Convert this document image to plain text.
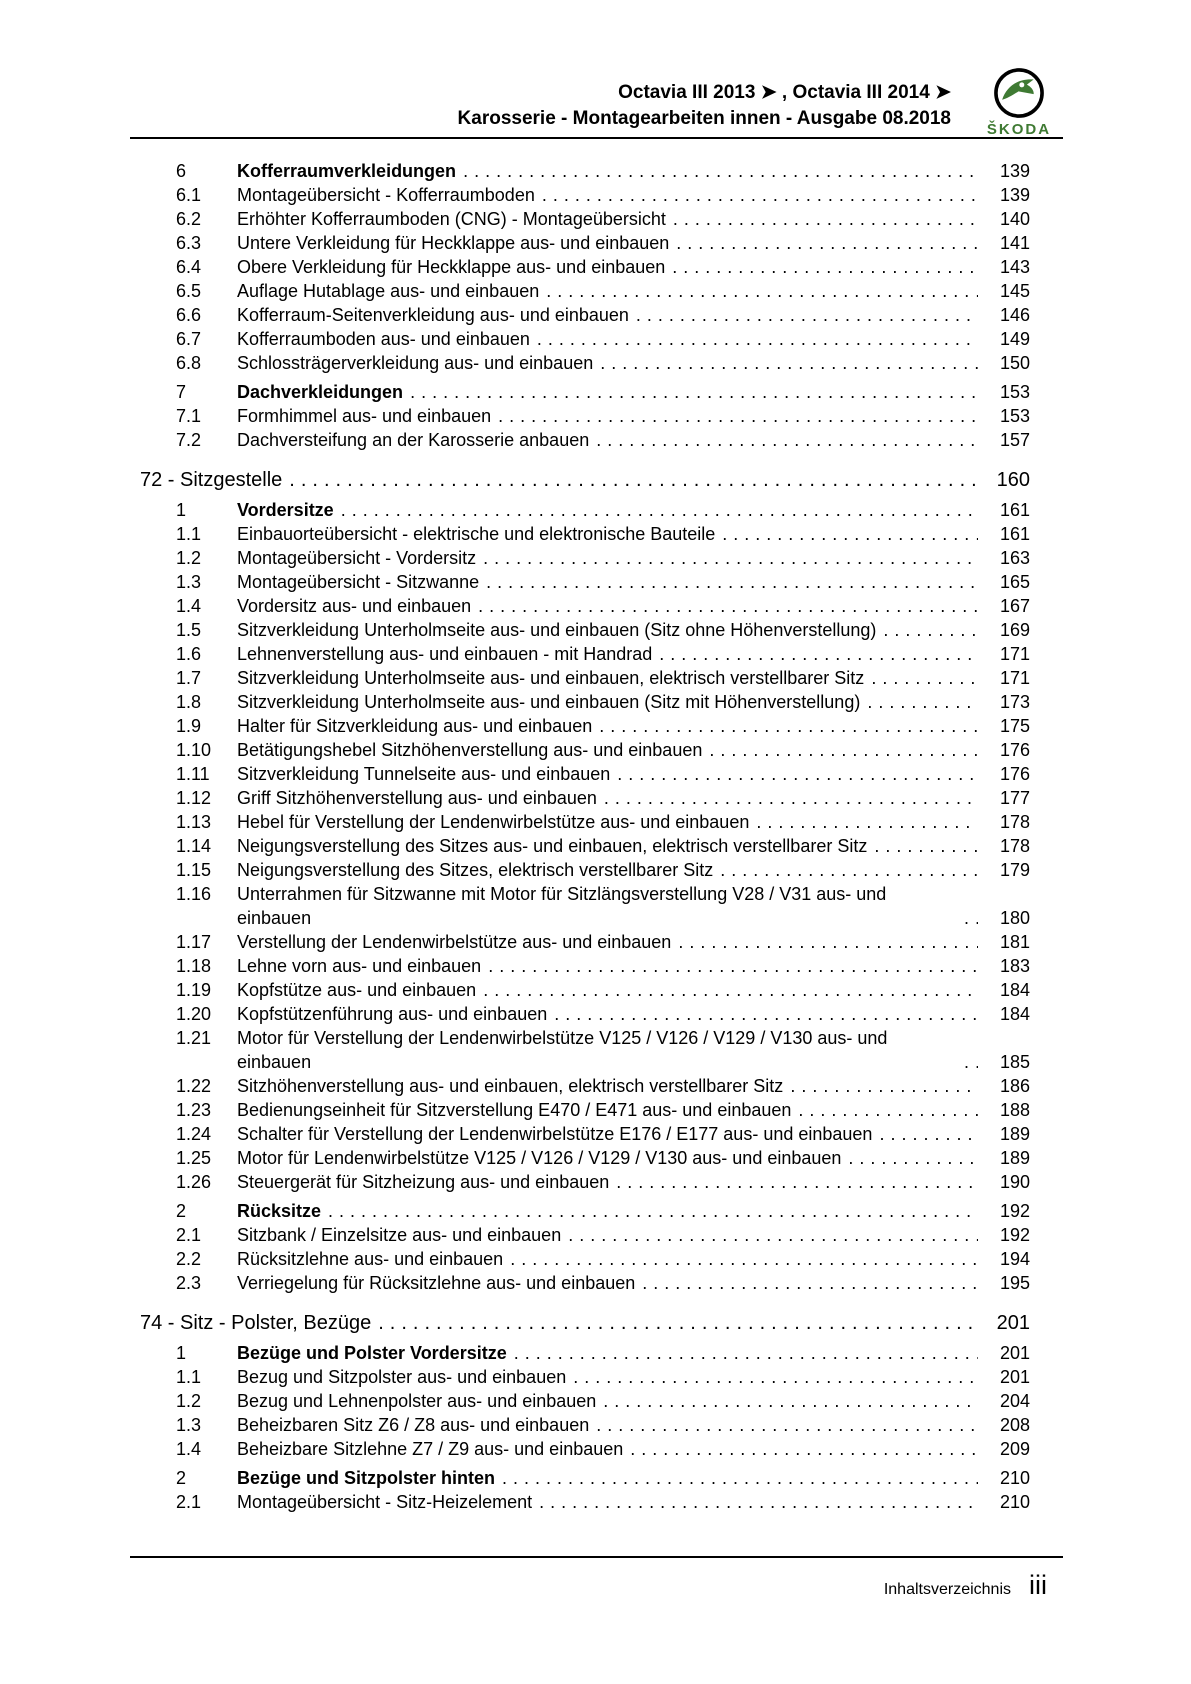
Octavia III 2013 ➤ , Octavia III 2014 ➤
Karosserie - Montagearbeiten innen - Ausgabe 08.2018
ŠKODA
6	Kofferraumverkleidungen .....	139
6.1	Montageübersicht - Kofferraumboden .....	139
6.2	Erhöhter Kofferraumboden (CNG) - Montageübersicht .....	140
6.3	Untere Verkleidung für Heckklappe aus- und einbauen .....	141
6.4	Obere Verkleidung für Heckklappe aus- und einbauen .....	143
6.5	Auflage Hutablage aus- und einbauen .....	145
6.6	Kofferraum-Seitenverkleidung aus- und einbauen .....	146
6.7	Kofferraumboden aus- und einbauen .....	149
6.8	Schlossträgerverkleidung aus- und einbauen .....	150
7	Dachverkleidungen .....	153
7.1	Formhimmel aus- und einbauen .....	153
7.2	Dachversteifung an der Karosserie anbauen .....	157
72 - Sitzgestelle .....	160
1	Vordersitze .....	161
1.1	Einbauorteübersicht - elektrische und elektronische Bauteile .....	161
1.2	Montageübersicht - Vordersitz .....	163
1.3	Montageübersicht - Sitzwanne .....	165
1.4	Vordersitz aus- und einbauen .....	167
1.5	Sitzverkleidung Unterholmseite aus- und einbauen (Sitz ohne Höhenverstellung) .....	169
1.6	Lehnenverstellung aus- und einbauen - mit Handrad .....	171
1.7	Sitzverkleidung Unterholmseite aus- und einbauen, elektrisch verstellbarer Sitz .....	171
1.8	Sitzverkleidung Unterholmseite aus- und einbauen (Sitz mit Höhenverstellung) .....	173
1.9	Halter für Sitzverkleidung aus- und einbauen .....	175
1.10	Betätigungshebel Sitzhöhenverstellung aus- und einbauen .....	176
1.11	Sitzverkleidung Tunnelseite aus- und einbauen .....	176
1.12	Griff Sitzhöhenverstellung aus- und einbauen .....	177
1.13	Hebel für Verstellung der Lendenwirbelstütze aus- und einbauen .....	178
1.14	Neigungsverstellung des Sitzes aus- und einbauen, elektrisch verstellbarer Sitz .....	178
1.15	Neigungsverstellung des Sitzes, elektrisch verstellbarer Sitz .....	179
1.16	Unterrahmen für Sitzwanne mit Motor für Sitzlängsverstellung V28 / V31 aus- und einbauen .....	180
1.17	Verstellung der Lendenwirbelstütze aus- und einbauen .....	181
1.18	Lehne vorn aus- und einbauen .....	183
1.19	Kopfstütze aus- und einbauen .....	184
1.20	Kopfstützenführung aus- und einbauen .....	184
1.21	Motor für Verstellung der Lendenwirbelstütze V125 / V126 / V129 / V130 aus- und einbauen .....	185
1.22	Sitzhöhenverstellung aus- und einbauen, elektrisch verstellbarer Sitz .....	186
1.23	Bedienungseinheit für Sitzverstellung E470 / E471 aus- und einbauen .....	188
1.24	Schalter für Verstellung der Lendenwirbelstütze E176 / E177 aus- und einbauen .....	189
1.25	Motor für Lendenwirbelstütze V125 / V126 / V129 / V130 aus- und einbauen .....	189
1.26	Steuergerät für Sitzheizung aus- und einbauen .....	190
2	Rücksitze .....	192
2.1	Sitzbank / Einzelsitze aus- und einbauen .....	192
2.2	Rücksitzlehne aus- und einbauen .....	194
2.3	Verriegelung für Rücksitzlehne aus- und einbauen .....	195
74 - Sitz - Polster, Bezüge .....	201
1	Bezüge und Polster Vordersitze .....	201
1.1	Bezug und Sitzpolster aus- und einbauen .....	201
1.2	Bezug und Lehnenpolster aus- und einbauen .....	204
1.3	Beheizbaren Sitz Z6 / Z8 aus- und einbauen .....	208
1.4	Beheizbare Sitzlehne Z7 / Z9 aus- und einbauen .....	209
2	Bezüge und Sitzpolster hinten .....	210
2.1	Montageübersicht - Sitz-Heizelement .....	210
Inhaltsverzeichnis iii
